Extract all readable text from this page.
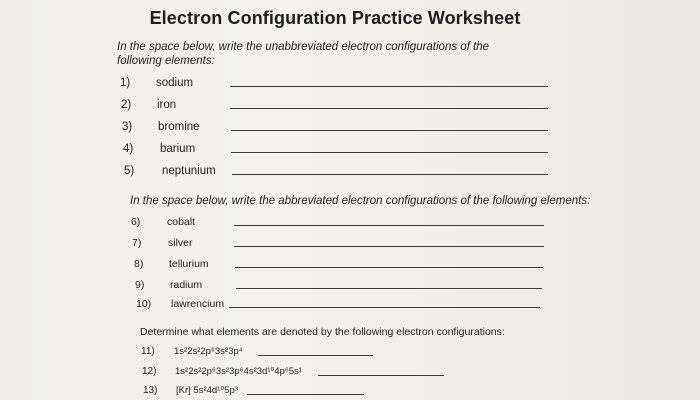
Electron Configuration Practice Worksheet
In the space below, write the unabbreviated electron configurations of the following elements:
1)	sodium
2)	iron
3)	bromine
4)	barium
5)	neptunium
In the space below, write the abbreviated electron configurations of the following elements:
6)	cobalt
7)	silver
8)	tellurium
9)	radium
10)	lawrencium
Determine what elements are denoted by the following electron configurations:
11)	1s²2s²2p⁶3s²3p⁴
12)	1s²2s²2p⁶3s²3p⁶4s²3d¹⁰4p⁶5s¹
13)	[Kr] 5s²4d¹⁰5p³
